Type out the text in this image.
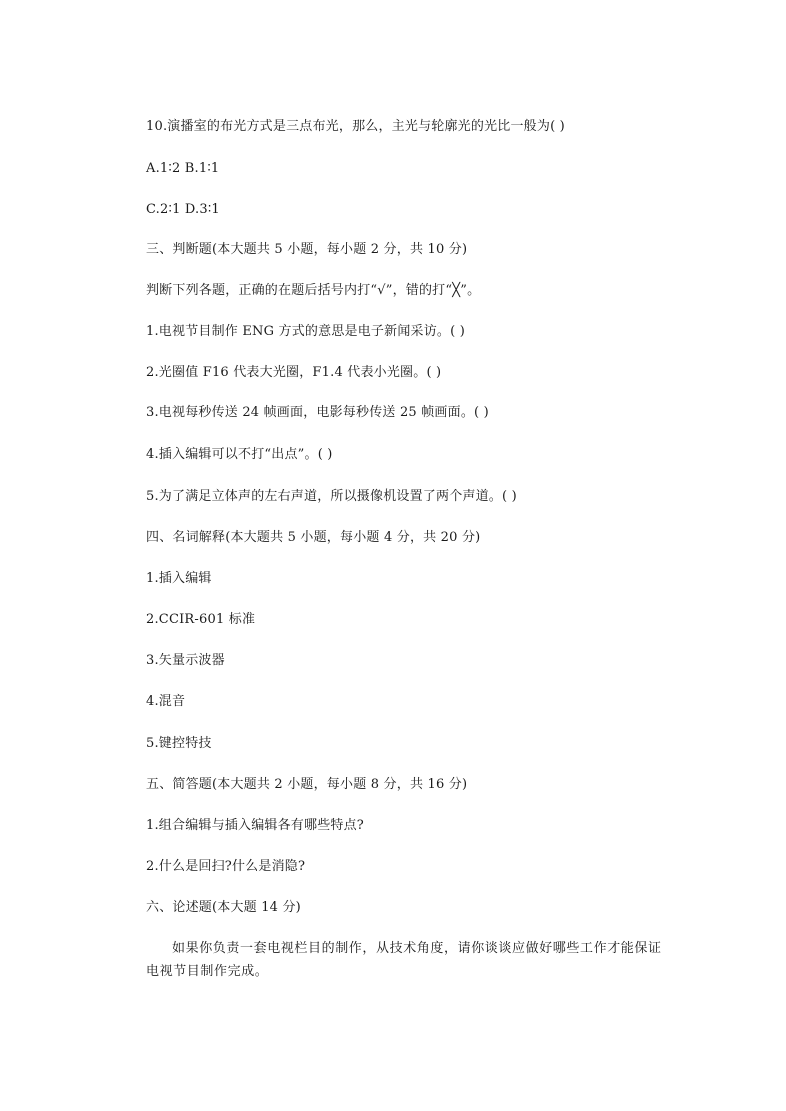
10.演播室的布光方式是三点布光，那么，主光与轮廓光的光比一般为( )
A.1∶2 B.1∶1
C.2∶1 D.3∶1
三、判断题(本大题共 5 小题，每小题 2 分，共 10 分)
判断下列各题，正确的在题后括号内打“√”，错的打“╳”。
1.电视节目制作 ENG 方式的意思是电子新闻采访。( )
2.光圈值 F16 代表大光圈，F1.4 代表小光圈。( )
3.电视每秒传送 24 帧画面，电影每秒传送 25 帧画面。( )
4.插入编辑可以不打“出点”。( )
5.为了满足立体声的左右声道，所以摄像机设置了两个声道。( )
四、名词解释(本大题共 5 小题，每小题 4 分，共 20 分)
1.插入编辑
2.CCIR-601 标准
3.矢量示波器
4.混音
5.键控特技
五、简答题(本大题共 2 小题，每小题 8 分，共 16 分)
1.组合编辑与插入编辑各有哪些特点?
2.什么是回扫?什么是消隐?
六、论述题(本大题 14 分)
如果你负责一套电视栏目的制作，从技术角度，请你谈谈应做好哪些工作才能保证电视节目制作完成。
